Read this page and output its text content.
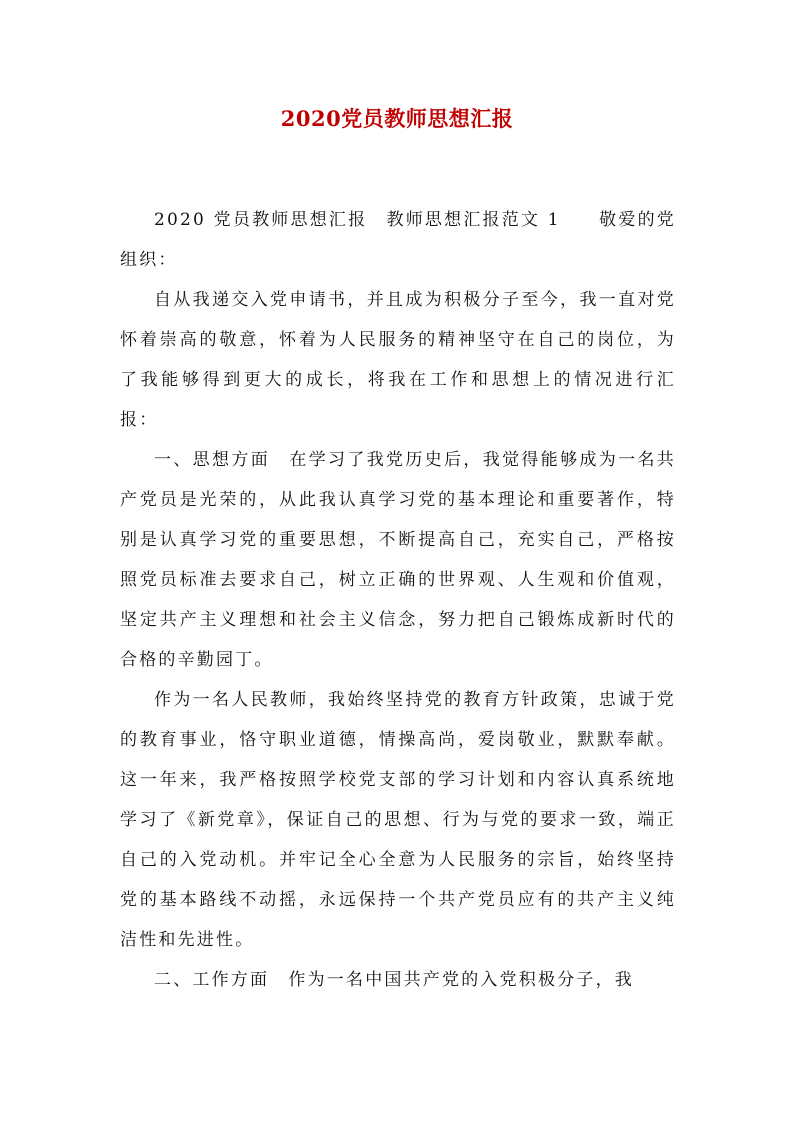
2020党员教师思想汇报

2020 党员教师思想汇报　教师思想汇报范文 1　　敬爱的党组织：

自从我递交入党申请书，并且成为积极分子至今，我一直对党怀着崇高的敬意，怀着为人民服务的精神坚守在自己的岗位，为了我能够得到更大的成长，将我在工作和思想上的情况进行汇报：

一、思想方面　在学习了我党历史后，我觉得能够成为一名共产党员是光荣的，从此我认真学习党的基本理论和重要著作，特别是认真学习党的重要思想，不断提高自己，充实自己，严格按照党员标准去要求自己，树立正确的世界观、人生观和价值观，坚定共产主义理想和社会主义信念，努力把自己锻炼成新时代的合格的辛勤园丁。

作为一名人民教师，我始终坚持党的教育方针政策，忠诚于党的教育事业，恪守职业道德，情操高尚，爱岗敬业，默默奉献。这一年来，我严格按照学校党支部的学习计划和内容认真系统地学习了《新党章》，保证自己的思想、行为与党的要求一致，端正自己的入党动机。并牢记全心全意为人民服务的宗旨，始终坚持党的基本路线不动摇，永远保持一个共产党员应有的共产主义纯洁性和先进性。

二、工作方面　作为一名中国共产党的入党积极分子，我
